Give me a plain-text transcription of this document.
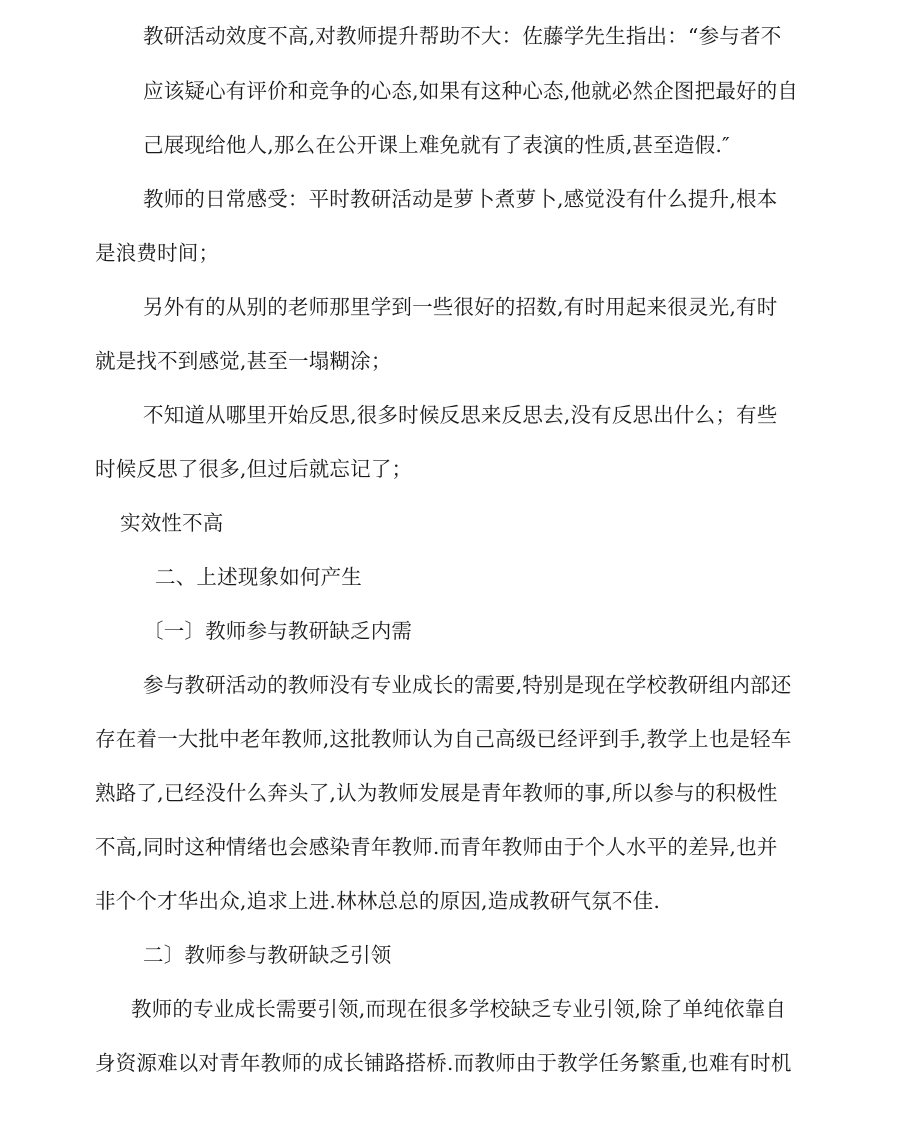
教研活动效度不高,对教师提升帮助不大：佐藤学先生指出：“参与者不
应该疑心有评价和竞争的心态,如果有这种心态,他就必然企图把最好的自
己展现给他人,那么在公开课上难免就有了表演的性质,甚至造假.″
教师的日常感受：平时教研活动是萝卜煮萝卜,感觉没有什么提升,根本
是浪费时间；
另外有的从别的老师那里学到一些很好的招数,有时用起来很灵光,有时
就是找不到感觉,甚至一塌糊涂；
不知道从哪里开始反思,很多时候反思来反思去,没有反思出什么；有些
时候反思了很多,但过后就忘记了；
实效性不高
二、上述现象如何产生
〔一〕教师参与教研缺乏内需
参与教研活动的教师没有专业成长的需要,特别是现在学校教研组内部还
存在着一大批中老年教师,这批教师认为自己高级已经评到手,教学上也是轻车
熟路了,已经没什么奔头了,认为教师发展是青年教师的事,所以参与的积极性
不高,同时这种情绪也会感染青年教师.而青年教师由于个人水平的差异,也并
非个个才华出众,追求上进.林林总总的原因,造成教研气氛不佳.
二〕教师参与教研缺乏引领
教师的专业成长需要引领,而现在很多学校缺乏专业引领,除了单纯依靠自
身资源难以对青年教师的成长铺路搭桥.而教师由于教学任务繁重,也难有时机
